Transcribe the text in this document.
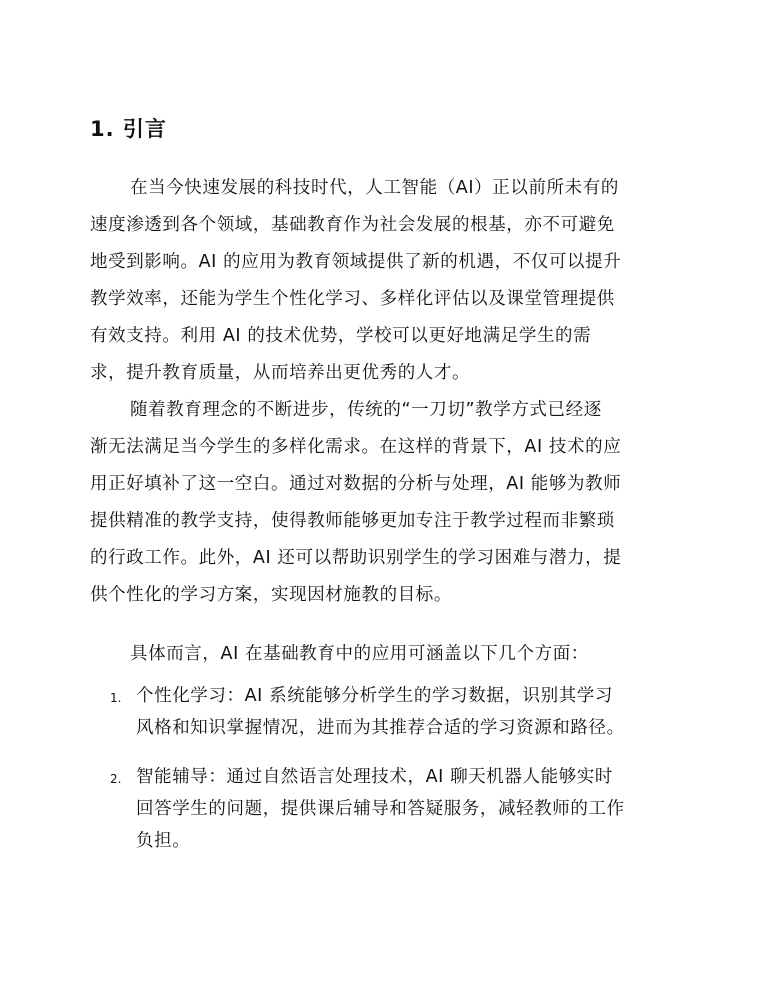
1. 引言
在当今快速发展的科技时代，人工智能（AI）正以前所未有的
速度渗透到各个领域，基础教育作为社会发展的根基，亦不可避免
地受到影响。AI 的应用为教育领域提供了新的机遇，不仅可以提升
教学效率，还能为学生个性化学习、多样化评估以及课堂管理提供
有效支持。利用 AI 的技术优势，学校可以更好地满足学生的需
求，提升教育质量，从而培养出更优秀的人才。
随着教育理念的不断进步，传统的“一刀切”教学方式已经逐
渐无法满足当今学生的多样化需求。在这样的背景下，AI 技术的应
用正好填补了这一空白。通过对数据的分析与处理，AI 能够为教师
提供精准的教学支持，使得教师能够更加专注于教学过程而非繁琐
的行政工作。此外，AI 还可以帮助识别学生的学习困难与潜力，提
供个性化的学习方案，实现因材施教的目标。
具体而言，AI 在基础教育中的应用可涵盖以下几个方面：
1. 个性化学习：AI 系统能够分析学生的学习数据，识别其学习
风格和知识掌握情况，进而为其推荐合适的学习资源和路径。
2. 智能辅导：通过自然语言处理技术，AI 聊天机器人能够实时
回答学生的问题，提供课后辅导和答疑服务，减轻教师的工作
负担。
